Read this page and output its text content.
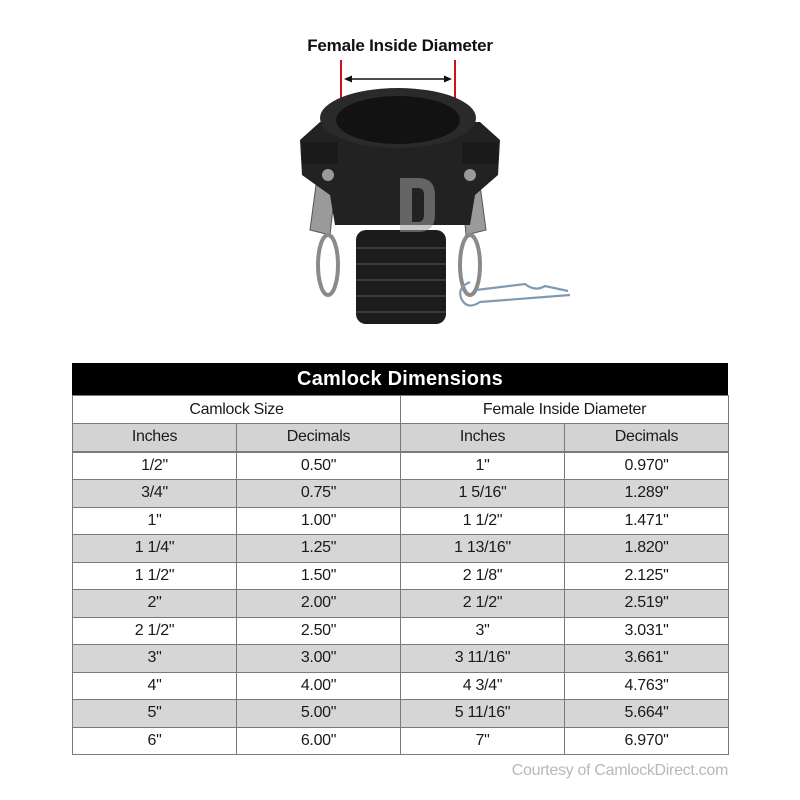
Female Inside Diameter
Camlock Dimensions
Camlock Size		Female Inside Diameter	
Inches	Decimals	Inches	Decimals
1/2"	0.50"	1"	0.970"
3/4"	0.75"	1 5/16"	1.289"
1"	1.00"	1 1/2"	1.471"
1 1/4"	1.25"	1 13/16"	1.820"
1 1/2"	1.50"	2 1/8"	2.125"
2"	2.00"	2 1/2"	2.519"
2 1/2"	2.50"	3"	3.031"
3"	3.00"	3 11/16"	3.661"
4"	4.00"	4 3/4"	4.763"
5"	5.00"	5 11/16"	5.664"
6"	6.00"	7"	6.970"
Courtesy of CamlockDirect.com
